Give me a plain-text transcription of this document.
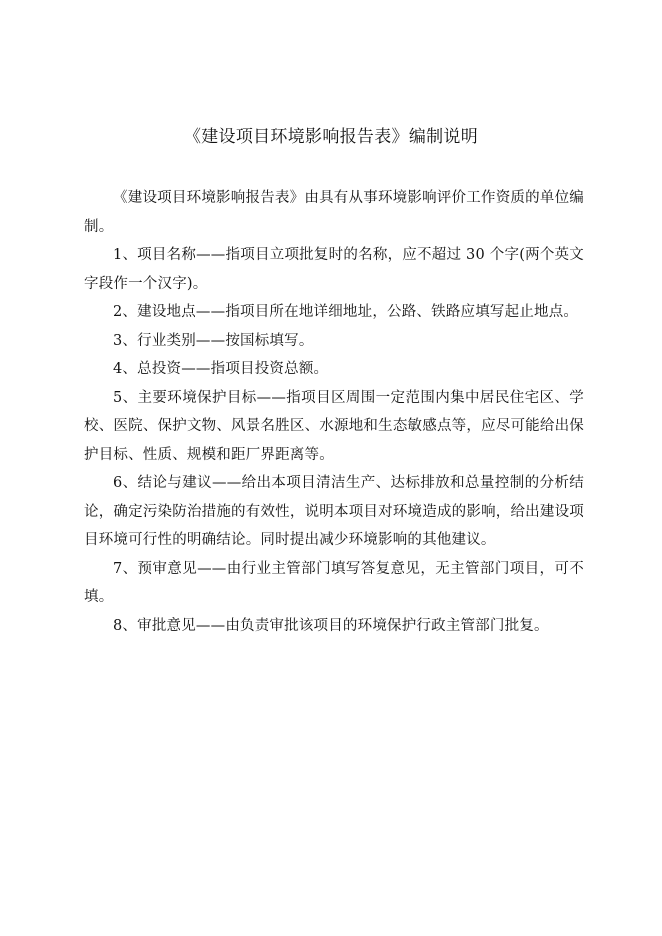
《建设项目环境影响报告表》编制说明

《建设项目环境影响报告表》由具有从事环境影响评价工作资质的单位编制。

1、项目名称——指项目立项批复时的名称，应不超过 30 个字(两个英文字段作一个汉字)。

2、建设地点——指项目所在地详细地址，公路、铁路应填写起止地点。

3、行业类别——按国标填写。

4、总投资——指项目投资总额。

5、主要环境保护目标——指项目区周围一定范围内集中居民住宅区、学校、医院、保护文物、风景名胜区、水源地和生态敏感点等，应尽可能给出保护目标、性质、规模和距厂界距离等。

6、结论与建议——给出本项目清洁生产、达标排放和总量控制的分析结论，确定污染防治措施的有效性，说明本项目对环境造成的影响，给出建设项目环境可行性的明确结论。同时提出减少环境影响的其他建议。

7、预审意见——由行业主管部门填写答复意见，无主管部门项目，可不填。

8、审批意见——由负责审批该项目的环境保护行政主管部门批复。
